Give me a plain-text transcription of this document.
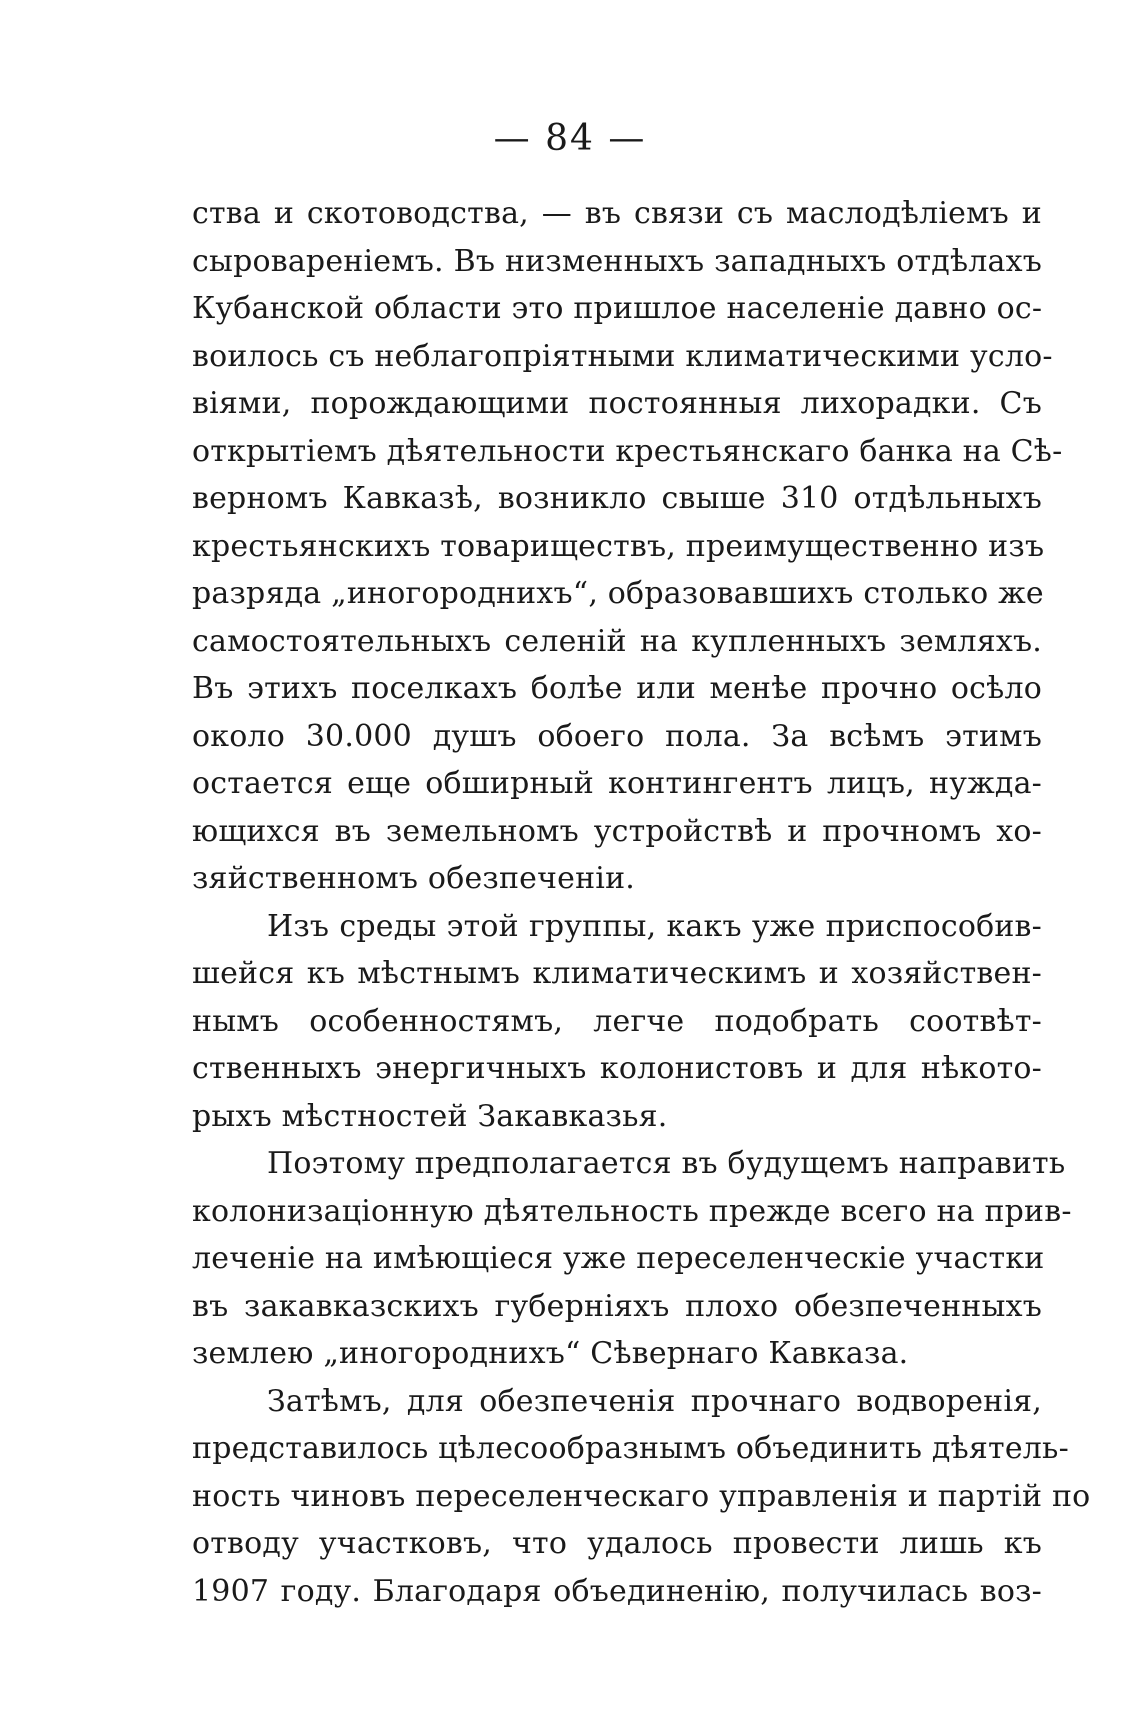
— 84 —
ства и скотоводства, — въ связи съ маслодѣліемъ и
сыровареніемъ. Въ низменныхъ западныхъ отдѣлахъ
Кубанской области это пришлое населеніе давно ос-
воилось съ неблагопріятными климатическими усло-
віями, порождающими постоянныя лихорадки. Съ
открытіемъ дѣятельности крестьянскаго банка на Сѣ-
верномъ Кавказѣ, возникло свыше 310 отдѣльныхъ
крестьянскихъ товариществъ, преимущественно изъ
разряда „иногороднихъ“, образовавшихъ столько же
самостоятельныхъ селеній на купленныхъ земляхъ.
Въ этихъ поселкахъ болѣе или менѣе прочно осѣло
около 30.000 душъ обоего пола. За всѣмъ этимъ
остается еще обширный контингентъ лицъ, нужда-
ющихся въ земельномъ устройствѣ и прочномъ хо-
зяйственномъ обезпеченіи.
Изъ среды этой группы, какъ уже приспособив-
шейся къ мѣстнымъ климатическимъ и хозяйствен-
нымъ особенностямъ, легче подобрать соотвѣт-
ственныхъ энергичныхъ колонистовъ и для нѣкото-
рыхъ мѣстностей Закавказья.
Поэтому предполагается въ будущемъ направить
колонизаціонную дѣятельность прежде всего на прив-
леченіе на имѣющіеся уже переселенческіе участки
въ закавказскихъ губерніяхъ плохо обезпеченныхъ
землею „иногороднихъ“ Сѣвернаго Кавказа.
Затѣмъ, для обезпеченія прочнаго водворенія,
представилось цѣлесообразнымъ объединить дѣятель-
ность чиновъ переселенческаго управленія и партій по
отводу участковъ, что удалось провести лишь къ
1907 году. Благодаря объединенію, получилась воз-
